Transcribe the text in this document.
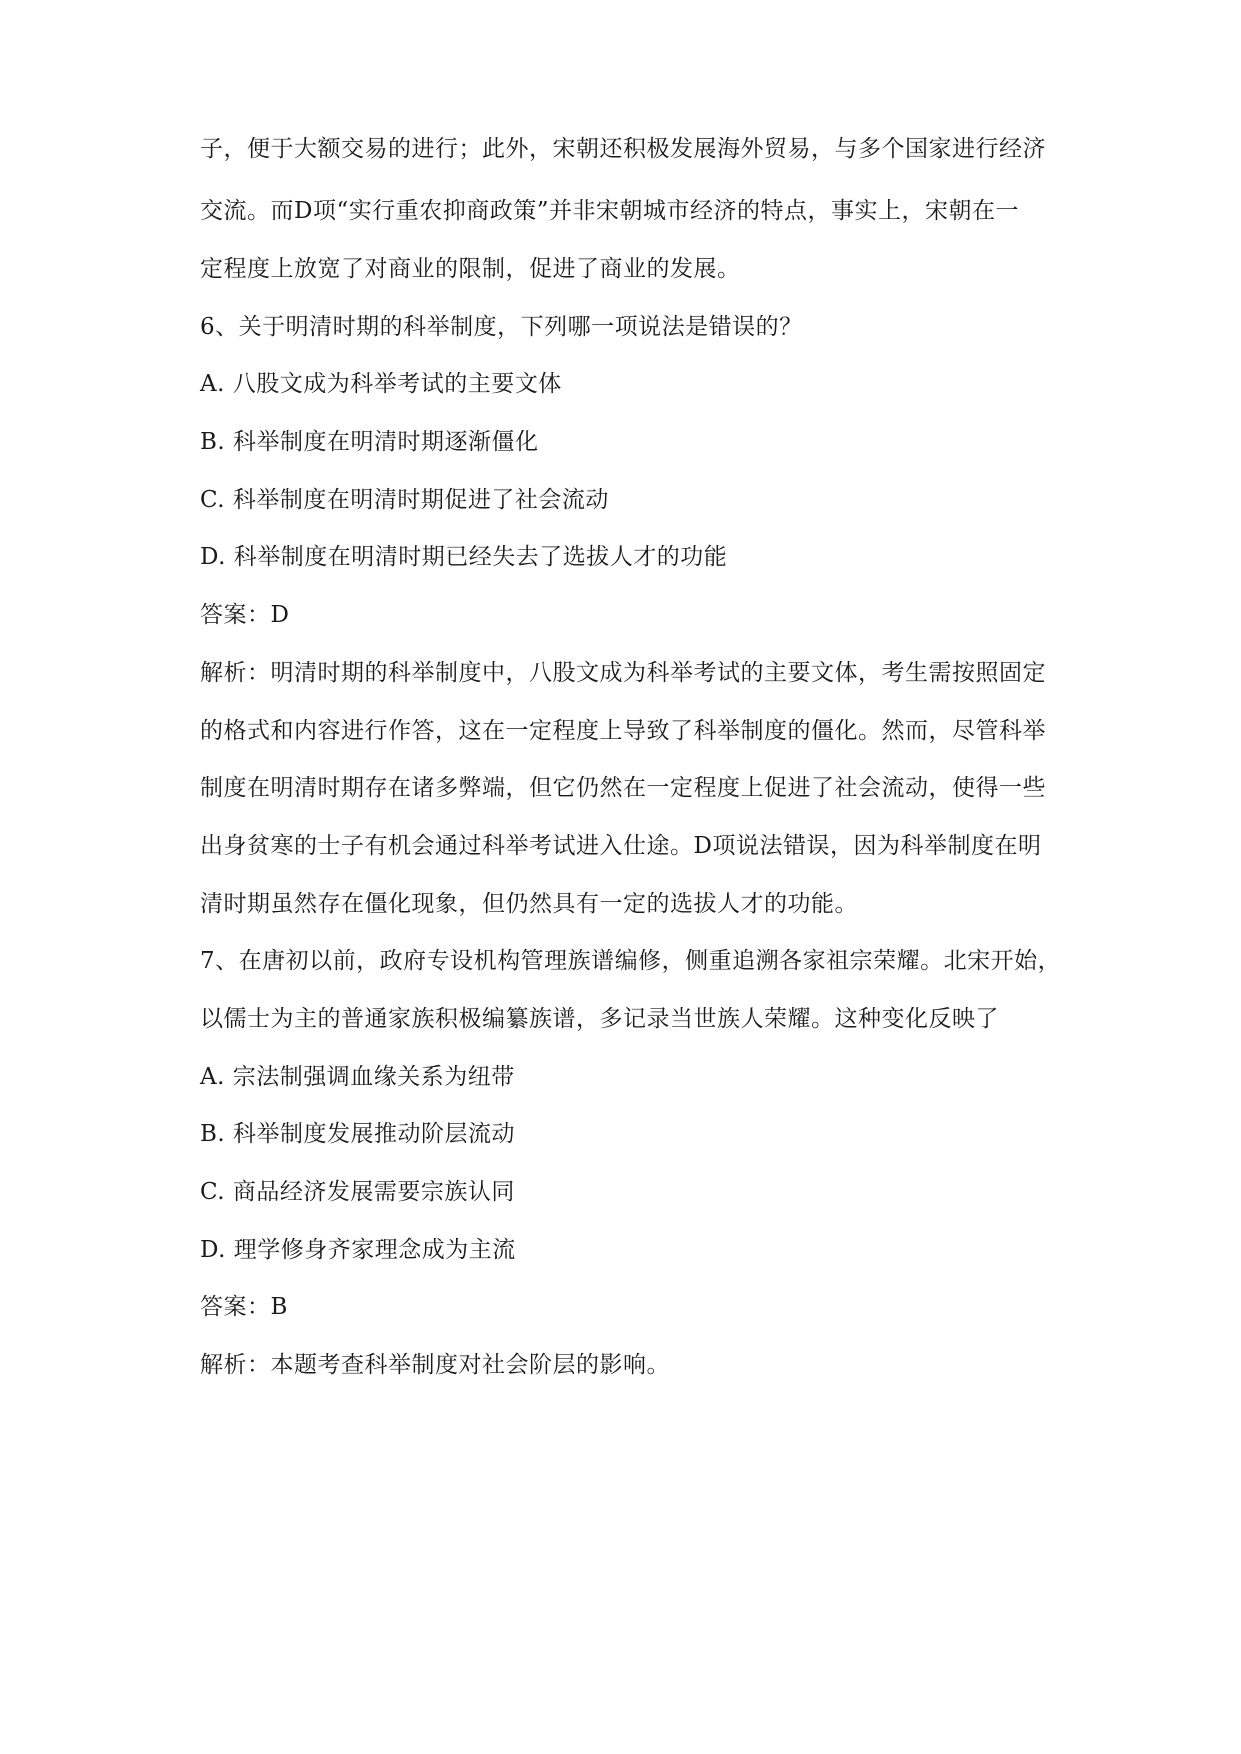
子，便于大额交易的进行；此外，宋朝还积极发展海外贸易，与多个国家进行经济
交流。而D项“实行重农抑商政策”并非宋朝城市经济的特点，事实上，宋朝在一
定程度上放宽了对商业的限制，促进了商业的发展。
6、关于明清时期的科举制度，下列哪一项说法是错误的？
A. 八股文成为科举考试的主要文体
B. 科举制度在明清时期逐渐僵化
C. 科举制度在明清时期促进了社会流动
D. 科举制度在明清时期已经失去了选拔人才的功能
答案：D
解析：明清时期的科举制度中，八股文成为科举考试的主要文体，考生需按照固定
的格式和内容进行作答，这在一定程度上导致了科举制度的僵化。然而，尽管科举
制度在明清时期存在诸多弊端，但它仍然在一定程度上促进了社会流动，使得一些
出身贫寒的士子有机会通过科举考试进入仕途。D项说法错误，因为科举制度在明
清时期虽然存在僵化现象，但仍然具有一定的选拔人才的功能。
7、在唐初以前，政府专设机构管理族谱编修，侧重追溯各家祖宗荣耀。北宋开始，
以儒士为主的普通家族积极编纂族谱，多记录当世族人荣耀。这种变化反映了
A. 宗法制强调血缘关系为纽带
B. 科举制度发展推动阶层流动
C. 商品经济发展需要宗族认同
D. 理学修身齐家理念成为主流
答案：B
解析：本题考查科举制度对社会阶层的影响。
